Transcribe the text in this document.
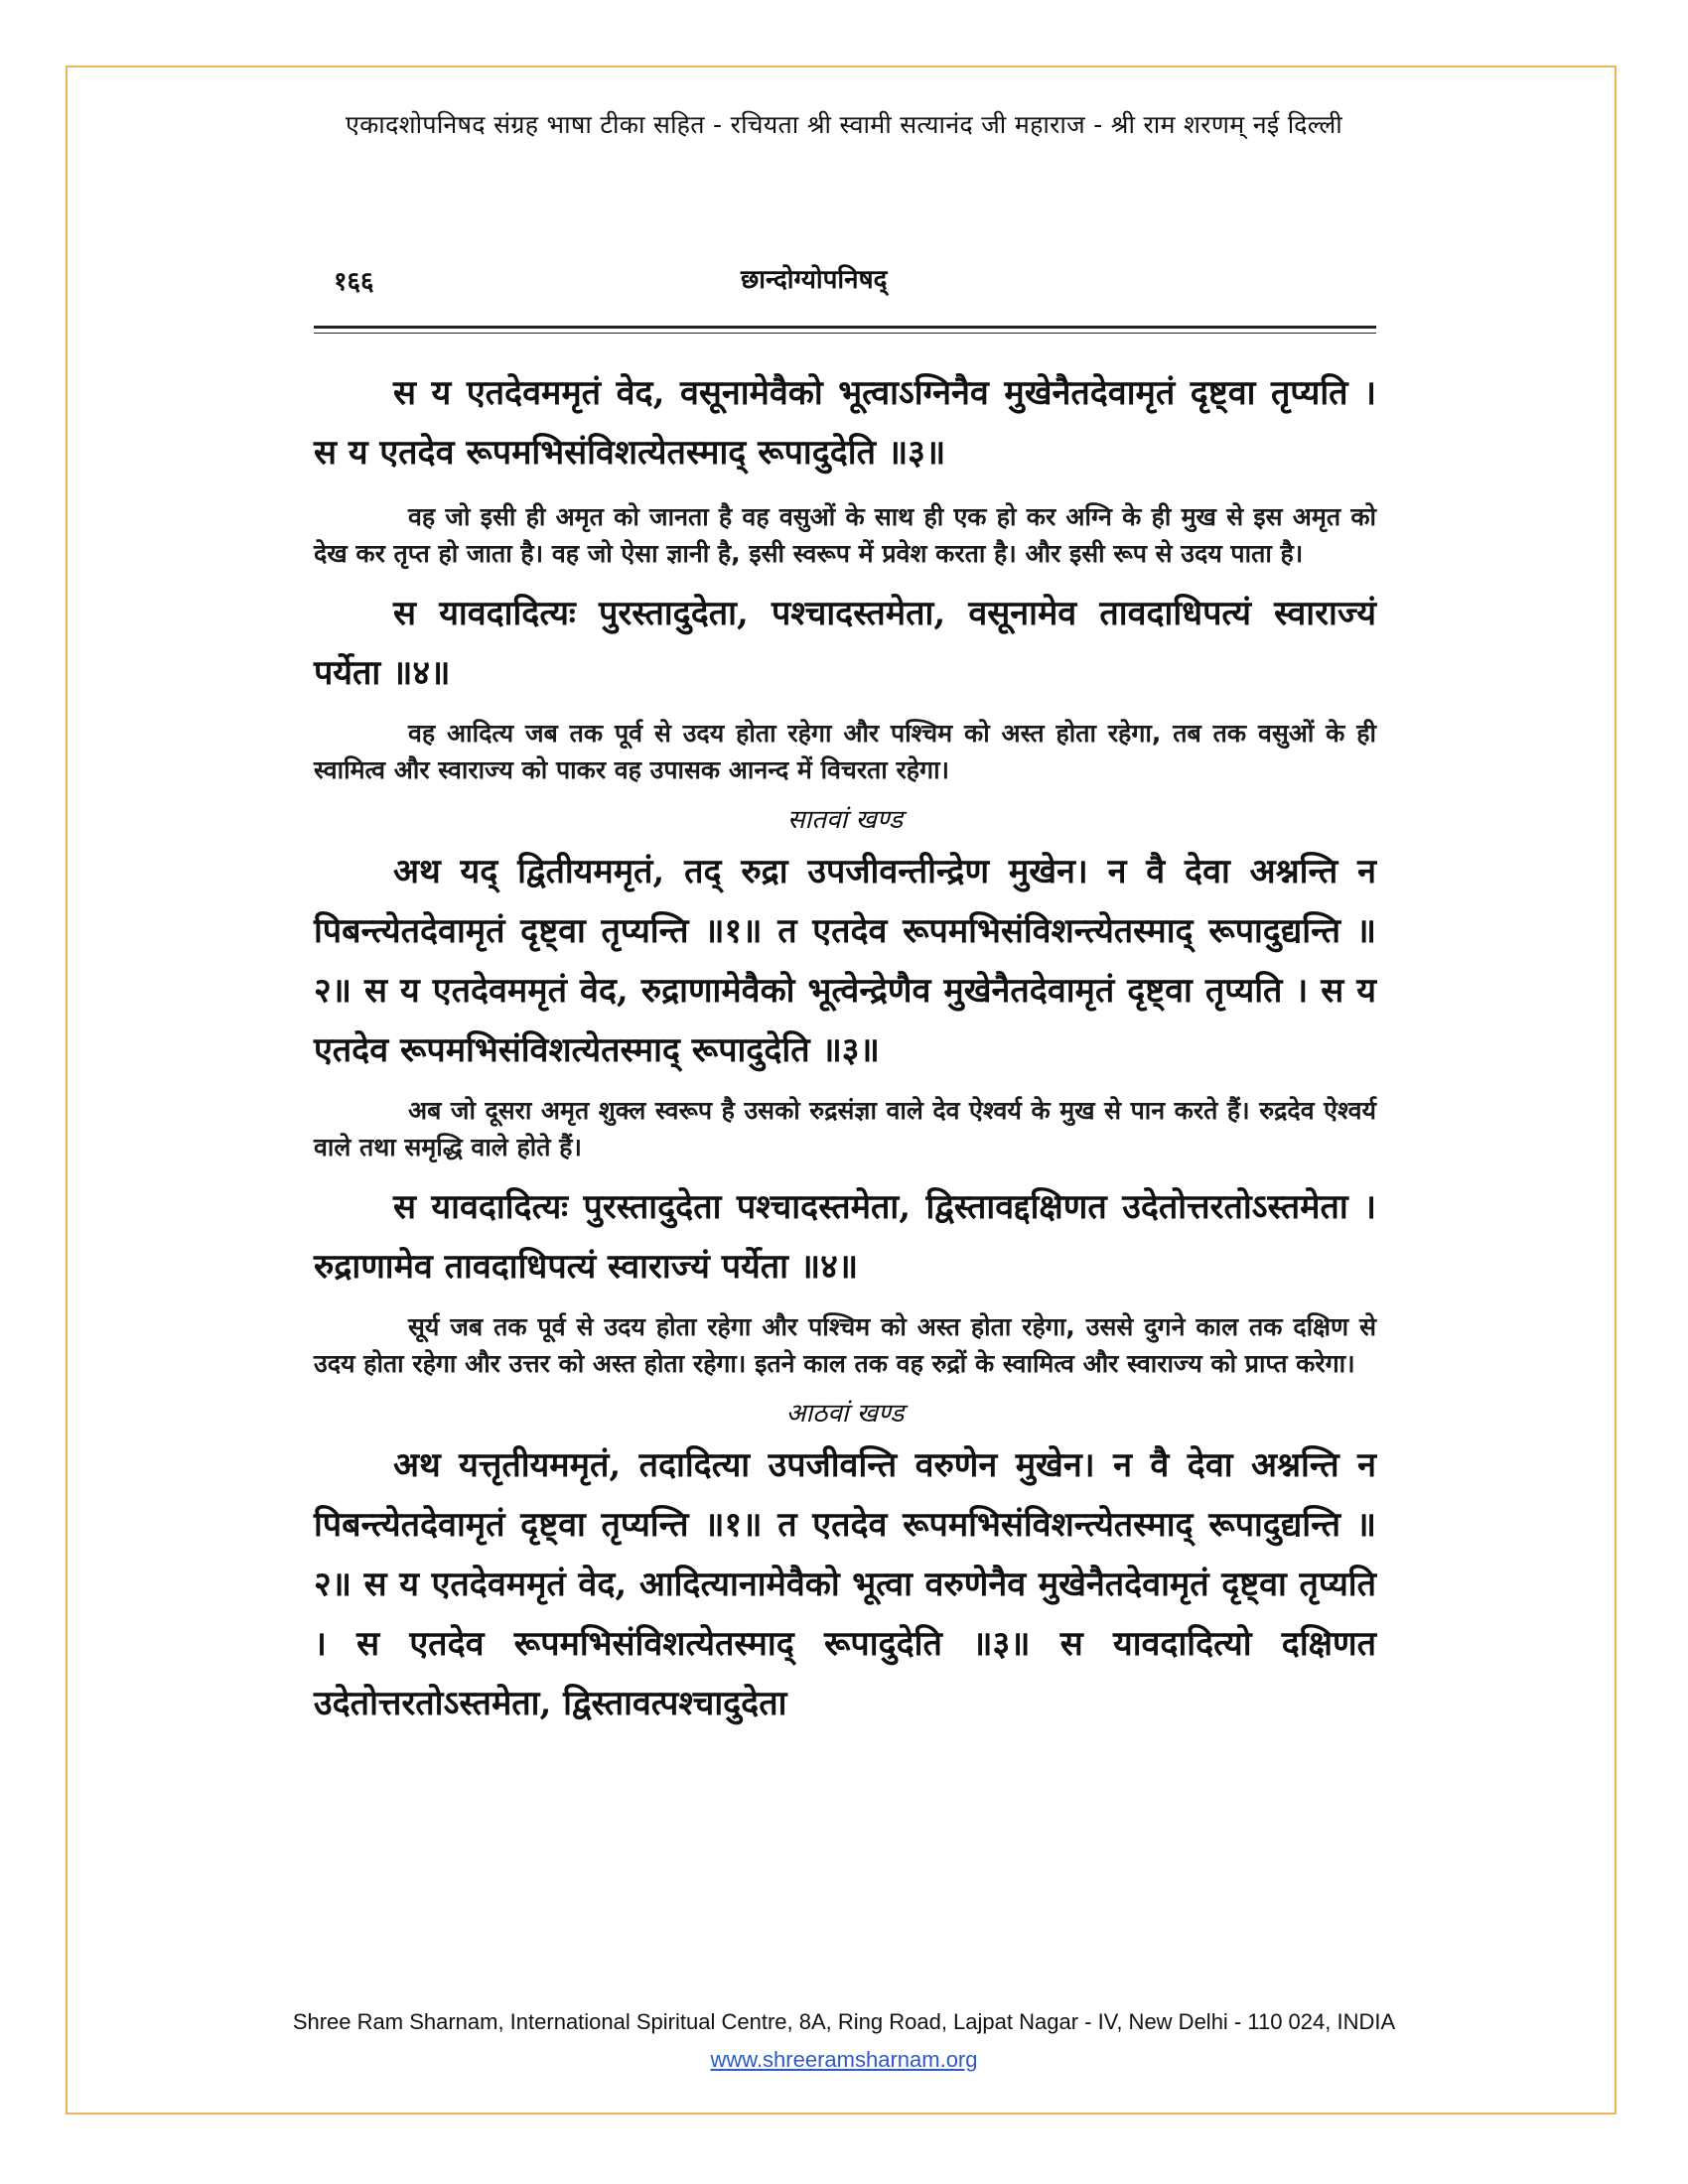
एकादशोपनिषद संग्रह भाषा टीका सहित - रचियता श्री स्वामी सत्यानंद जी महाराज - श्री राम शरणम् नई दिल्ली
१६६	छान्दोग्योपनिषद्

स य एतदेवममृतं वेद, वसूनामेवैको भूत्वाऽग्निनैव मुखेनैतदेवामृतं दृष्ट्वा तृप्यति । स य एतदेव रूपमभिसंविशत्येतस्माद् रूपादुदेति ॥३॥

वह जो इसी ही अमृत को जानता है वह वसुओं के साथ ही एक हो कर अग्नि के ही मुख से इस अमृत को देख कर तृप्त हो जाता है। वह जो ऐसा ज्ञानी है, इसी स्वरूप में प्रवेश करता है। और इसी रूप से उदय पाता है।

स यावदादित्यः पुरस्तादुदेता, पश्चादस्तमेता, वसूनामेव तावदाधिपत्यं स्वाराज्यं पर्येता ॥४॥

वह आदित्य जब तक पूर्व से उदय होता रहेगा और पश्चिम को अस्त होता रहेगा, तब तक वसुओं के ही स्वामित्व और स्वाराज्य को पाकर वह उपासक आनन्द में विचरता रहेगा।

सातवां खण्ड

अथ यद् द्वितीयममृतं, तद् रुद्रा उपजीवन्तीन्द्रेण मुखेन। न वै देवा अश्नन्ति न पिबन्त्येतदेवामृतं दृष्ट्वा तृप्यन्ति ॥१॥ त एतदेव रूपमभिसंविशन्त्येतस्माद् रूपादुद्यन्ति ॥२॥ स य एतदेवममृतं वेद, रुद्राणामेवैको भूत्वेन्द्रेणैव मुखेनैतदेवामृतं दृष्ट्वा तृप्यति । स य एतदेव रूपमभिसंविशत्येतस्माद् रूपादुदेति ॥३॥

अब जो दूसरा अमृत शुक्ल स्वरूप है उसको रुद्रसंज्ञा वाले देव ऐश्वर्य के मुख से पान करते हैं। रुद्रदेव ऐश्वर्य वाले तथा समृद्धि वाले होते हैं।

स यावदादित्यः पुरस्तादुदेता पश्चादस्तमेता, द्विस्तावद्दक्षिणत उदेतोत्तरतोऽस्तमेता । रुद्राणामेव तावदाधिपत्यं स्वाराज्यं पर्येता ॥४॥

सूर्य जब तक पूर्व से उदय होता रहेगा और पश्चिम को अस्त होता रहेगा, उससे दुगने काल तक दक्षिण से उदय होता रहेगा और उत्तर को अस्त होता रहेगा। इतने काल तक वह रुद्रों के स्वामित्व और स्वाराज्य को प्राप्त करेगा।

आठवां खण्ड

अथ यत्तृतीयममृतं, तदादित्या उपजीवन्ति वरुणेन मुखेन। न वै देवा अश्नन्ति न पिबन्त्येतदेवामृतं दृष्ट्वा तृप्यन्ति ॥१॥ त एतदेव रूपमभिसंविशन्त्येतस्माद् रूपादुद्यन्ति ॥२॥ स य एतदेवममृतं वेद, आदित्यानामेवैको भूत्वा वरुणेनैव मुखेनैतदेवामृतं दृष्ट्वा तृप्यति । स एतदेव रूपमभिसंविशत्येतस्माद् रूपादुदेति ॥३॥ स यावदादित्यो दक्षिणत उदेतोत्तरतोऽस्तमेता, द्विस्तावत्पश्चादुदेता

Shree Ram Sharnam, International Spiritual Centre, 8A, Ring Road, Lajpat Nagar - IV, New Delhi - 110 024, INDIA
www.shreeramsharnam.org
